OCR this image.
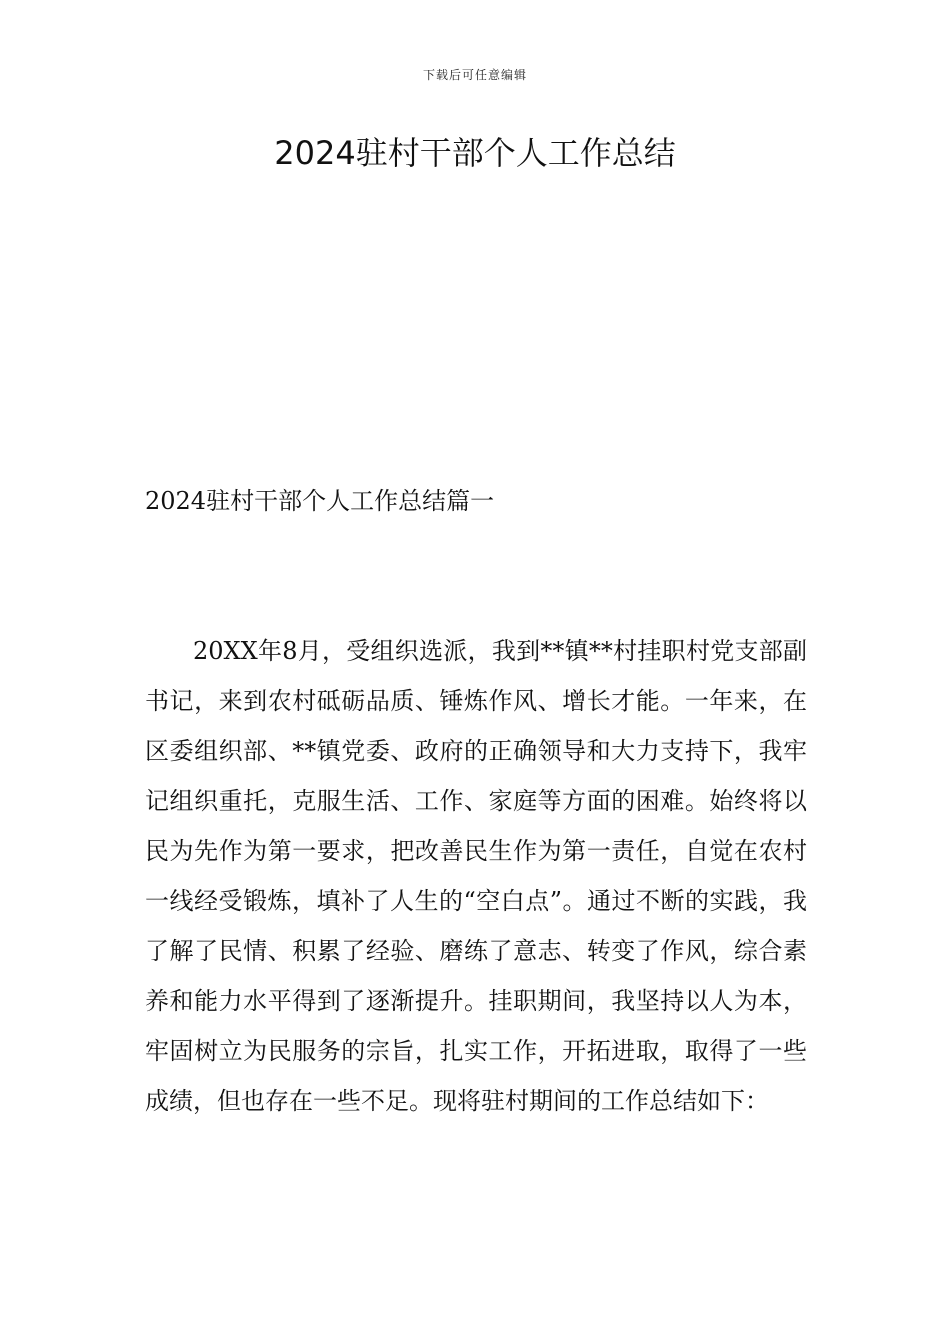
下载后可任意编辑
2024驻村干部个人工作总结
2024驻村干部个人工作总结篇一

20XX年8月，受组织选派，我到**镇**村挂职村党支部副书记，来到农村砥砺品质、锤炼作风、增长才能。一年来，在区委组织部、**镇党委、政府的正确领导和大力支持下，我牢记组织重托，克服生活、工作、家庭等方面的困难。始终将以民为先作为第一要求，把改善民生作为第一责任，自觉在农村一线经受锻炼，填补了人生的“空白点”。通过不断的实践，我了解了民情、积累了经验、磨练了意志、转变了作风，综合素养和能力水平得到了逐渐提升。挂职期间，我坚持以人为本，牢固树立为民服务的宗旨，扎实工作，开拓进取，取得了一些成绩，但也存在一些不足。现将驻村期间的工作总结如下：
